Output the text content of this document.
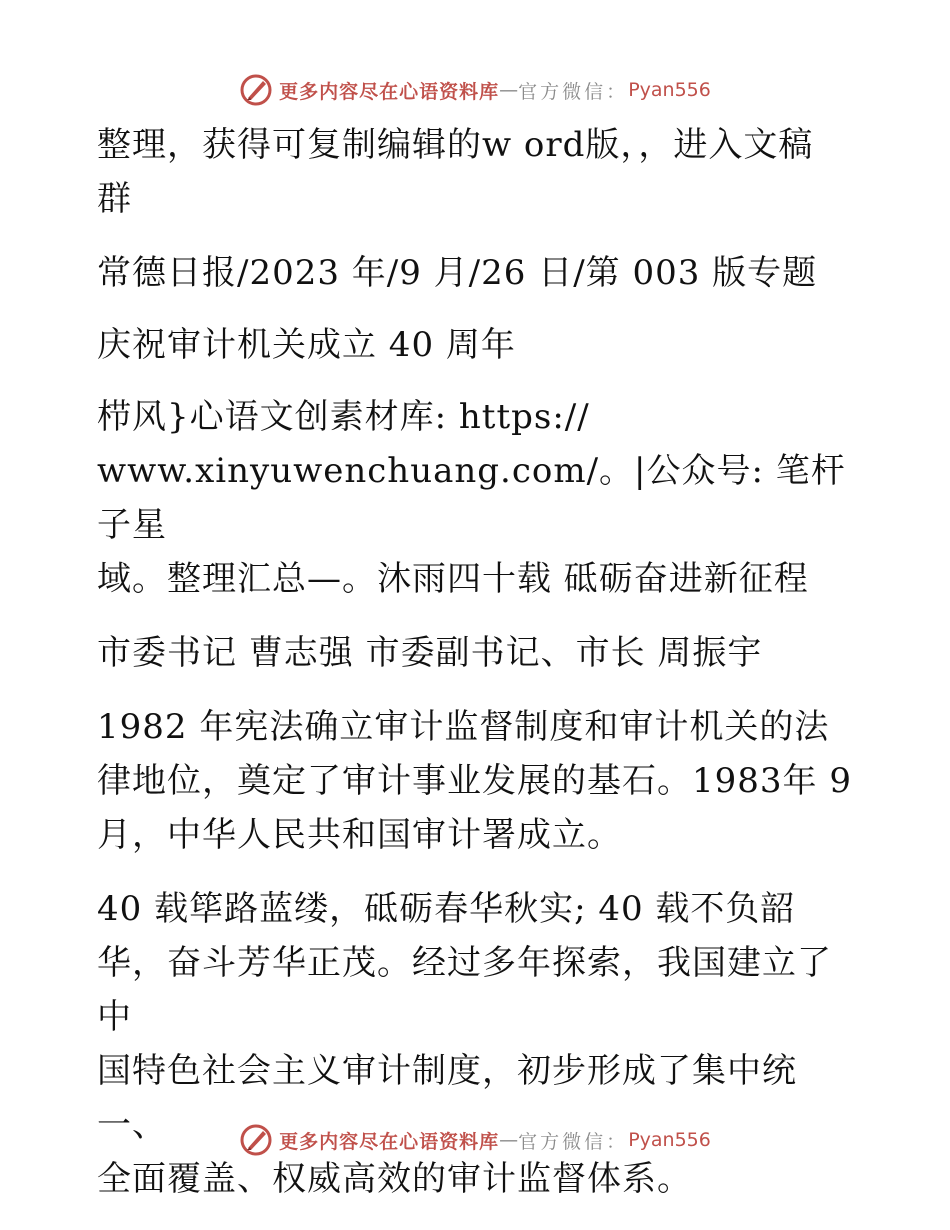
更多内容尽在心语资料库 — 官方微信： Pyan556

整理，获得可复制编辑的w ord版，，进入文稿
群

常德日报/2023 年/9 月/26 日/第 003 版专题

庆祝审计机关成立 40 周年

栉风}心语文创素材库: https://
www.xinyuwenchuang.com/。|公众号: 笔杆子星
域。整理汇总—。沐雨四十载 砥砺奋进新征程

市委书记 曹志强 市委副书记、市长 周振宇

1982 年宪法确立审计监督制度和审计机关的法
律地位，奠定了审计事业发展的基石。1983年 9
月，中华人民共和国审计署成立。

40 载筚路蓝缕，砥砺春华秋实; 40 载不负韶
华，奋斗芳华正茂。经过多年探索，我国建立了中
国特色社会主义审计制度，初步形成了集中统一、
全面覆盖、权威高效的审计监督体系。

更多内容尽在心语资料库 — 官方微信： Pyan556
